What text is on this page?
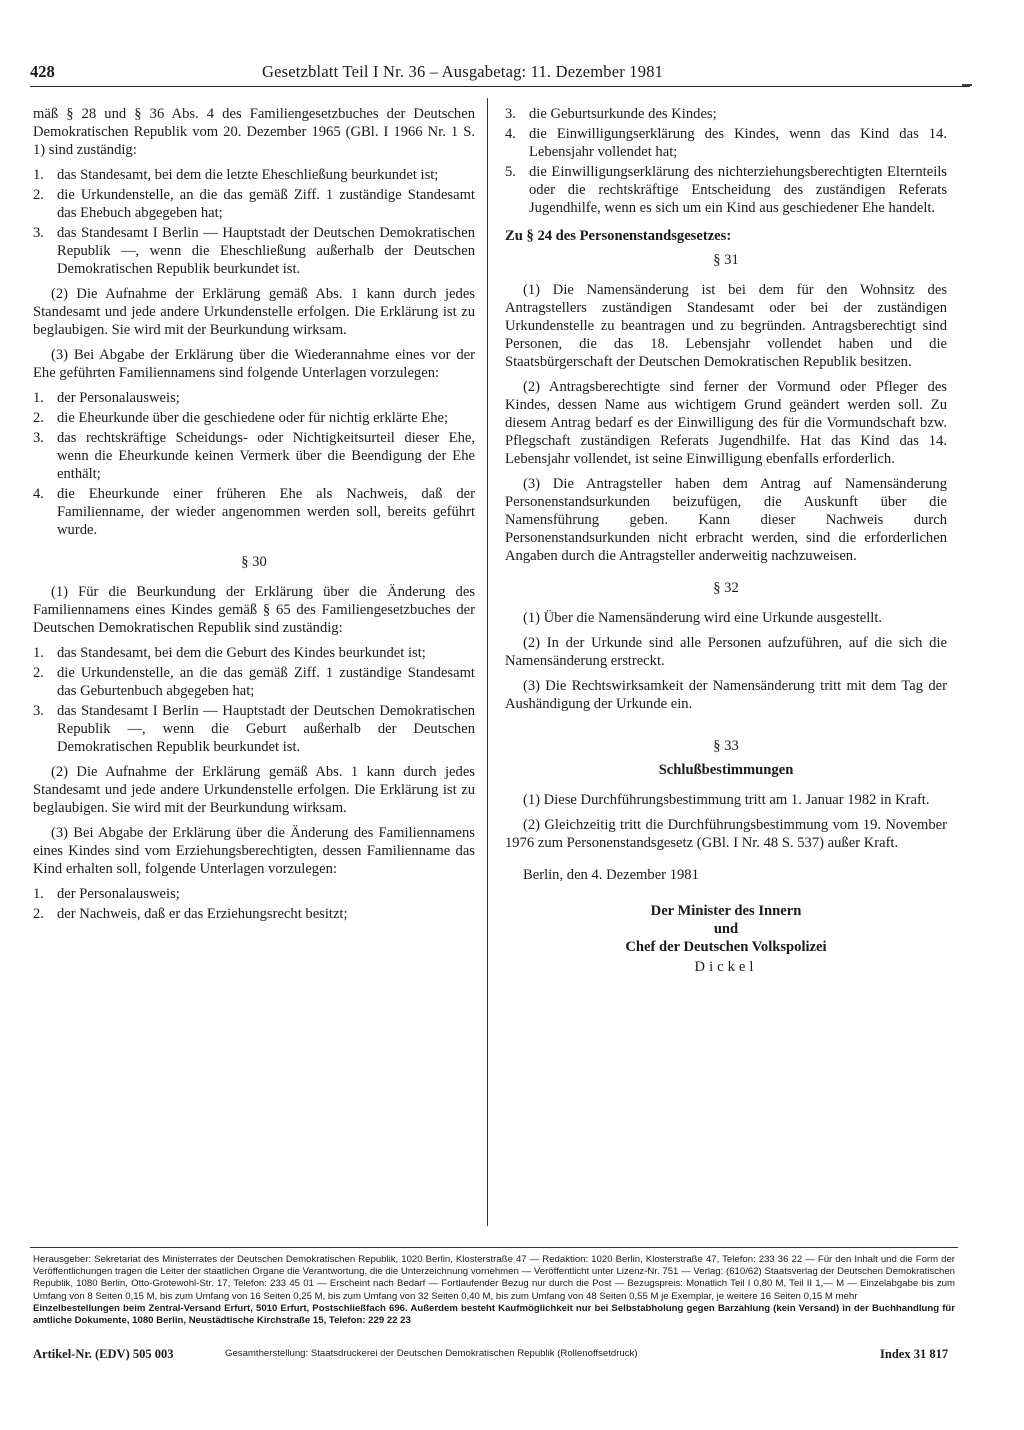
428	Gesetzblatt Teil I Nr. 36 – Ausgabetag: 11. Dezember 1981

mäß § 28 und § 36 Abs. 4 des Familiengesetzbuches der Deutschen Demokratischen Republik vom 20. Dezember 1965 (GBl. I 1966 Nr. 1 S. 1) sind zuständig:

1. das Standesamt, bei dem die letzte Eheschließung beurkundet ist;
2. die Urkundenstelle, an die das gemäß Ziff. 1 zuständige Standesamt das Ehebuch abgegeben hat;
3. das Standesamt I Berlin — Hauptstadt der Deutschen Demokratischen Republik —, wenn die Eheschließung außerhalb der Deutschen Demokratischen Republik beurkundet ist.

(2) Die Aufnahme der Erklärung gemäß Abs. 1 kann durch jedes Standesamt und jede andere Urkundenstelle erfolgen. Die Erklärung ist zu beglaubigen. Sie wird mit der Beurkundung wirksam.

(3) Bei Abgabe der Erklärung über die Wiederannahme eines vor der Ehe geführten Familiennamens sind folgende Unterlagen vorzulegen:

1. der Personalausweis;
2. die Eheurkunde über die geschiedene oder für nichtig erklärte Ehe;
3. das rechtskräftige Scheidungs- oder Nichtigkeitsurteil dieser Ehe, wenn die Eheurkunde keinen Vermerk über die Beendigung der Ehe enthält;
4. die Eheurkunde einer früheren Ehe als Nachweis, daß der Familienname, der wieder angenommen werden soll, bereits geführt wurde.
§ 30

(1) Für die Beurkundung der Erklärung über die Änderung des Familiennamens eines Kindes gemäß § 65 des Familiengesetzbuches der Deutschen Demokratischen Republik sind zuständig:

1. das Standesamt, bei dem die Geburt des Kindes beurkundet ist;
2. die Urkundenstelle, an die das gemäß Ziff. 1 zuständige Standesamt das Geburtenbuch abgegeben hat;
3. das Standesamt I Berlin — Hauptstadt der Deutschen Demokratischen Republik —, wenn die Geburt außerhalb der Deutschen Demokratischen Republik beurkundet ist.

(2) Die Aufnahme der Erklärung gemäß Abs. 1 kann durch jedes Standesamt und jede andere Urkundenstelle erfolgen. Die Erklärung ist zu beglaubigen. Sie wird mit der Beurkundung wirksam.

(3) Bei Abgabe der Erklärung über die Änderung des Familiennamens eines Kindes sind vom Erziehungsberechtigten, dessen Familienname das Kind erhalten soll, folgende Unterlagen vorzulegen:

1. der Personalausweis;
2. der Nachweis, daß er das Erziehungsrecht besitzt;
3. die Geburtsurkunde des Kindes;
4. die Einwilligungserklärung des Kindes, wenn das Kind das 14. Lebensjahr vollendet hat;
5. die Einwilligungserklärung des nichterziehungsberechtigten Elternteils oder die rechtskräftige Entscheidung des zuständigen Referats Jugendhilfe, wenn es sich um ein Kind aus geschiedener Ehe handelt.
Zu § 24 des Personenstandsgesetzes:
§ 31

(1) Die Namensänderung ist bei dem für den Wohnsitz des Antragstellers zuständigen Standesamt oder bei der zuständigen Urkundenstelle zu beantragen und zu begründen. Antragsberechtigt sind Personen, die das 18. Lebensjahr vollendet haben und die Staatsbürgerschaft der Deutschen Demokratischen Republik besitzen.

(2) Antragsberechtigte sind ferner der Vormund oder Pfleger des Kindes, dessen Name aus wichtigem Grund geändert werden soll. Zu diesem Antrag bedarf es der Einwilligung des für die Vormundschaft bzw. Pflegschaft zuständigen Referats Jugendhilfe. Hat das Kind das 14. Lebensjahr vollendet, ist seine Einwilligung ebenfalls erforderlich.

(3) Die Antragsteller haben dem Antrag auf Namensänderung Personenstandsurkunden beizufügen, die Auskunft über die Namensführung geben. Kann dieser Nachweis durch Personenstandsurkunden nicht erbracht werden, sind die erforderlichen Angaben durch die Antragsteller anderweitig nachzuweisen.

§ 32

(1) Über die Namensänderung wird eine Urkunde ausgestellt.

(2) In der Urkunde sind alle Personen aufzuführen, auf die sich die Namensänderung erstreckt.

(3) Die Rechtswirksamkeit der Namensänderung tritt mit dem Tag der Aushändigung der Urkunde ein.

§ 33
Schlußbestimmungen

(1) Diese Durchführungsbestimmung tritt am 1. Januar 1982 in Kraft.

(2) Gleichzeitig tritt die Durchführungsbestimmung vom 19. November 1976 zum Personenstandsgesetz (GBl. I Nr. 48 S. 537) außer Kraft.

Berlin, den 4. Dezember 1981
Der Minister des Innern
und
Chef der Deutschen Volkspolizei
Dickel
Herausgeber: Sekretariat des Ministerrates der Deutschen Demokratischen Republik, 1020 Berlin, Klosterstraße 47 — Redaktion: 1020 Berlin, Klosterstraße 47, Telefon: 233 36 22 — Für den Inhalt und die Form der Veröffentlichungen tragen die Leiter der staatlichen Organe die Verantwortung, die die Unterzeichnung vornehmen — Veröffentlicht unter Lizenz-Nr. 751 — Verlag: (610/62) Staatsverlag der Deutschen Demokratischen Republik, 1080 Berlin, Otto-Grotewohl-Str. 17, Telefon: 233 45 01 — Erscheint nach Bedarf — Fortlaufender Bezug nur durch die Post — Bezugspreis: Monatlich Teil I 0,80 M, Teil II 1,— M — Einzelabgabe bis zum Umfang von 8 Seiten 0,15 M, bis zum Umfang von 16 Seiten 0,25 M, bis zum Umfang von 32 Seiten 0,40 M, bis zum Umfang von 48 Seiten 0,55 M je Exemplar, je weitere 16 Seiten 0,15 M mehr
Einzelbestellungen beim Zentral-Versand Erfurt, 5010 Erfurt, Postschließfach 696. Außerdem besteht Kaufmöglichkeit nur bei Selbstabholung gegen Barzahlung (kein Versand) in der Buchhandlung für amtliche Dokumente, 1080 Berlin, Neustädtische Kirchstraße 15, Telefon: 229 22 23
Artikel-Nr. (EDV) 505 003	Gesamtherstellung: Staatsdruckerei der Deutschen Demokratischen Republik (Rollenoffsetdruck)	Index 31 817
